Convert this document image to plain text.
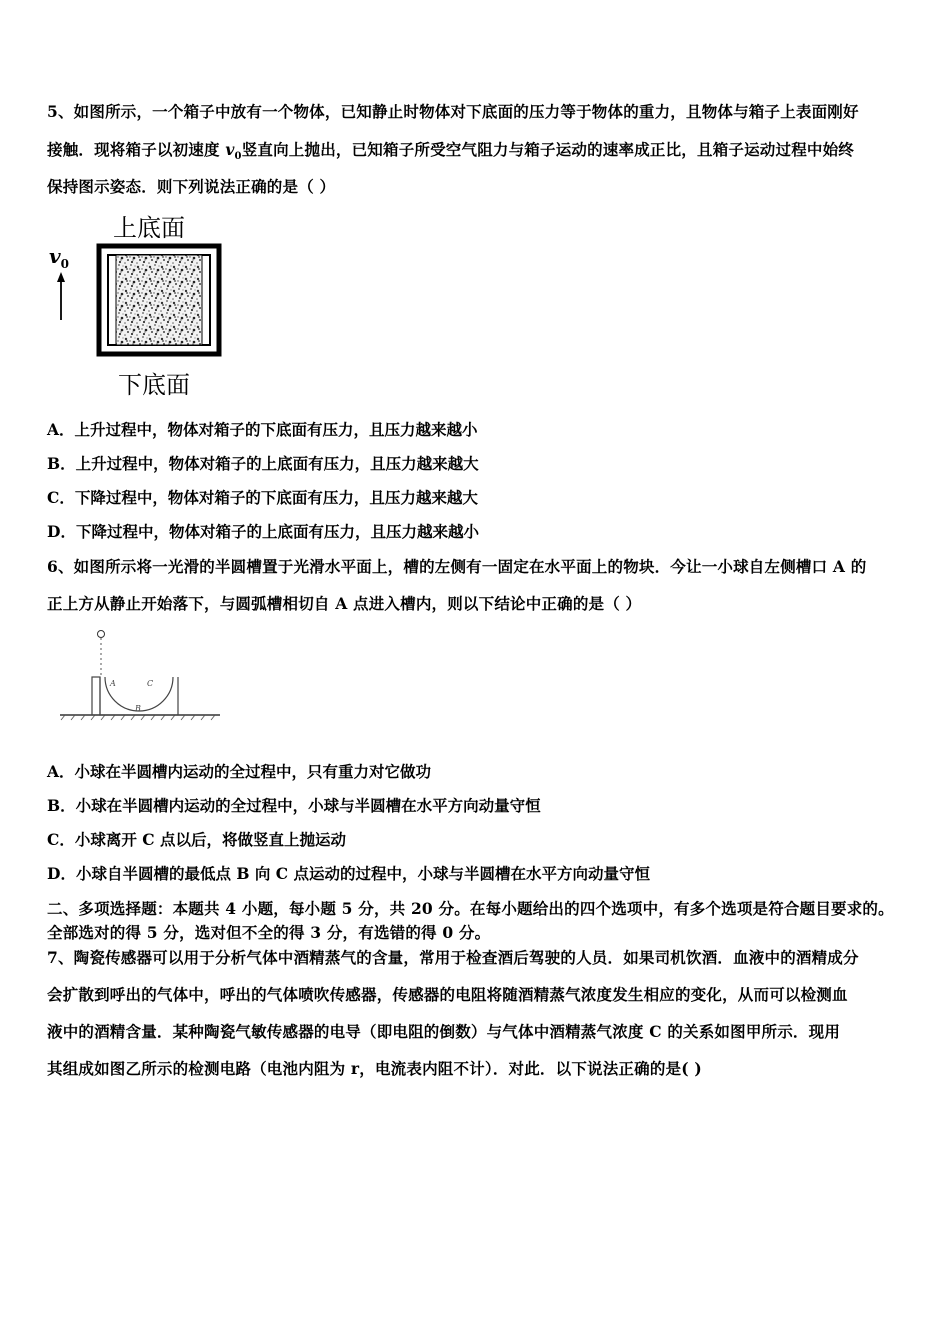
5、如图所示，一个箱子中放有一个物体，已知静止时物体对下底面的压力等于物体的重力，且物体与箱子上表面刚好
接触．现将箱子以初速度 $v_0$竖直向上抛出，已知箱子所受空气阻力与箱子运动的速率成正比，且箱子运动过程中始终
保持图示姿态．则下列说法正确的是（ ）
上底面
下底面
$v_0$
A．上升过程中，物体对箱子的下底面有压力，且压力越来越小
B．上升过程中，物体对箱子的上底面有压力，且压力越来越大
C．下降过程中，物体对箱子的下底面有压力，且压力越来越大
D．下降过程中，物体对箱子的上底面有压力，且压力越来越小
6、如图所示将一光滑的半圆槽置于光滑水平面上，槽的左侧有一固定在水平面上的物块．今让一小球自左侧槽口 A 的
正上方从静止开始落下，与圆弧槽相切自 A 点进入槽内，则以下结论中正确的是（ ）
A
B
C
A．小球在半圆槽内运动的全过程中，只有重力对它做功
B．小球在半圆槽内运动的全过程中，小球与半圆槽在水平方向动量守恒
C．小球离开 C 点以后，将做竖直上抛运动
D．小球自半圆槽的最低点 B 向 C 点运动的过程中，小球与半圆槽在水平方向动量守恒
二、多项选择题：本题共 4 小题，每小题 5 分，共 20 分。在每小题给出的四个选项中，有多个选项是符合题目要求的。
全部选对的得 5 分，选对但不全的得 3 分，有选错的得 0 分。
7、陶瓷传感器可以用于分析气体中酒精蒸气的含量，常用于检查酒后驾驶的人员．如果司机饮酒．血液中的酒精成分
会扩散到呼出的气体中，呼出的气体喷吹传感器，传感器的电阻将随酒精蒸气浓度发生相应的变化，从而可以检测血
液中的酒精含量．某种陶瓷气敏传感器的电导（即电阻的倒数）与气体中酒精蒸气浓度 C 的关系如图甲所示．现用
其组成如图乙所示的检测电路（电池内阻为 r，电流表内阻不计）．对此．以下说法正确的是( )
